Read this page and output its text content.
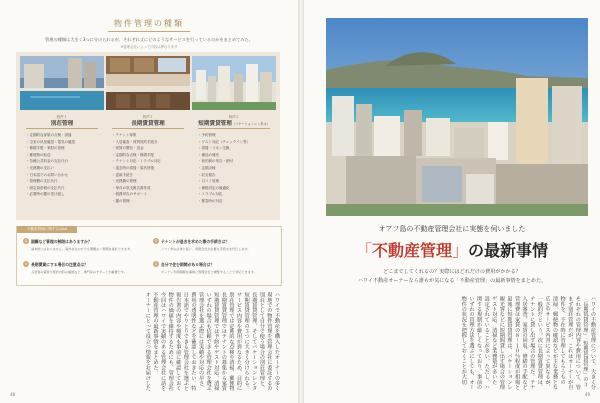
物件管理の種類
管理の種類は大きく3つに分けられるが、それぞれ丈にどのようなサービスを行っているのかをまとめてみた。
※管理会社によって内容は異なります
物件１
別荘管理
・ 定期的な部屋の点検・清掃
・ 空室の状況確認・電気の確認
・ 修繕手配・家財の管理
・ 郵便物の転送
・ 各種公共料金の支払代行
・ 光熱費の支払い
・ 日本語でのお問い合わせ
・ 管理費の支払代行
・ 固定資産税の支払代行
・ 必要時の鍵の受け渡し
物件２
長期賃貸管理
・ テナント募集
・ 入居審査・賃貸契約手続き
・ 家賃の徴収・送金
・ 定期的な点検・修繕手配
・ テナント対応・トラブル対応
・ 退去時の清掃・原状回復
・ 更新手続き
・ 光熱費の管理
・ 毎月の収支報告書作成
・ 税務申告のサポート
・ 鍵の管理
物件３
短期賃貸管理（バケーションレンタル）
・ 予約管理
・ ゲスト対応（チェックイン等）
・ 清掃・リネン交換
・ 備品の補充
・ 宿泊税の申告・納付
・ 定期点検
・ 収支報告
・ 口コミ管理
・ 価格設定の最適化
・ トラブル対応
・ 緊急時の対応
不動産管理に関するQ&A
Q 国籍など管理の制限はありますか？
基本的にはありません。海外在住の方でも問題なく管理を委託できます。
Q テナントが退去を求めた際の手続きは？
ハワイ州の法律に従い、管理会社が必要な手続きを代行します。
Q 長期賃貸にする場合の注意点は？
入居者の審査や契約内容の確認など、専門家のサポートが重要です。
Q 自分で住む期間がある場合は？
オーナー利用期間を事前に管理会社と調整することで対応できます。
ハワイで不動産を購入したオーナーの多く
現地での物件管理を管理会社に委託するの
別荘として自分で使う場合の別荘管理と、
長期賃貸管理、そしてバケーションレンタ
短期賃貸管理の３つに大きく分けられる。
サービス内容や費用が異なるため、目的に
別荘管理では定期的な点検や清掃、郵便物
長期賃貸管理ではテナントの募集から家賃
短期賃貸管理では予約やゲスト対応、清掃
いずれの場合も信頼できる管理会社を選ぶ
管理会社を選ぶ際には実績や対応の早さ、
費用の透明性などを確認しておきたい。特
日本語でやりとりできる管理会社を選ぶと
報告書の内容や頻度も事前に確認しておく
物件の価値を維持するためにも、管理会社
今回はハワイで実績のある管理会社に話を
不動産管理の最新事情をまとめた。
オーナーにとって役立つ情報をお届けした
48
オアフ島の不動産管理会社に実態を伺いました
「不動産管理」の最新事情
どこまでしてくれるの？実際にはどれだけの費用がかかる？
ハワイ不動産オーナーなら誰もが気になる「不動産管理」の最新事情をまとめた。
ハワイの不動産管理について、大きく分
「長期賃貸管理」「短期賃貸管理」の３
それぞれの管理内容や費用について、管
まず別荘管理だが、これはオーナーが自
物件を、不在時に管理してもらうもの
清掃、郵便物の確認などが主な業務とな
広さやサービス内容によって異なるが、
一般的だという。次に長期賃貸管理は、
テナントに貸し出す場合の管理だ。テナ
入居審査、家賃の回収、修繕の手配など
管理費は家賃の８〜１０％程度が相場と
最後に短期賃貸管理は、バケーションレ
観光客などに短期間貸し出す場合の管理
ゲスト対応、清掃など業務量が多いた
設定されていることが多い。ただし、ハ
関する規制が厳しくなっており、事前の
いずれの管理方法を選ぶにしても、オー
物件の状況を把握しておくことが大切
49
